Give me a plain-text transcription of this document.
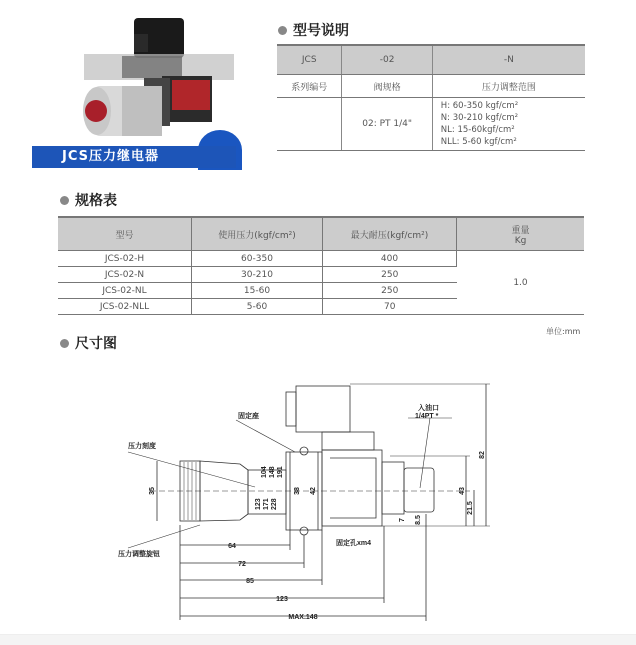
JCS压力继电器
型号说明
JCS	-02	-N
系列编号	阀规格	压力调整范围
	02: PT 1/4"	H: 60-350 kgf/cm²
N: 30-210 kgf/cm²
NL: 15-60kgf/cm²
NLL: 5-60 kgf/cm²
规格表
型号	使用压力(kgf/cm²)	最大耐压(kgf/cm²)	重量
Kg

JCS-02-H	60-350	400	1.0
JCS-02-N	30-210	250	
JCS-02-NL	15-60	250	
JCS-02-NLL	5-60	70	
单位:mm
尺寸图
压力刻度
固定座
压力调整旋钮
固定孔xm4
入油口
1/4PT *
64
72
85
123
MAX.148
35
104 148 191
123 171 228
38 42	43
21.5
7 8.5
82
